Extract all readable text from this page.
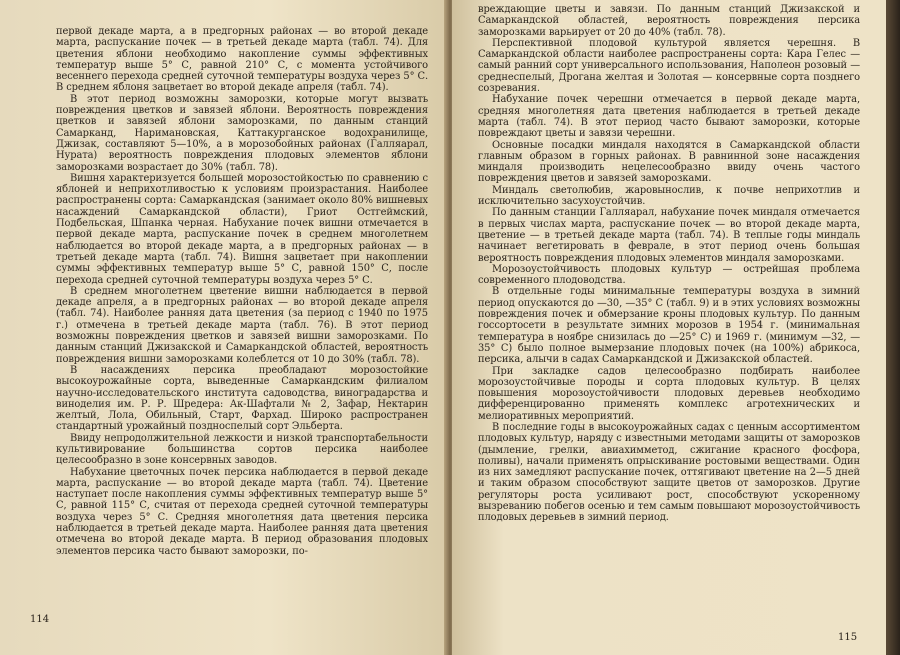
первой декаде марта, а в предгорных районах — во второй декаде марта, распускание почек — в третьей декаде марта (табл. 74). Для цветения яблони необходимо накопление суммы эффективных температур выше 5° С, равной 210° С, с момента устойчивого весеннего перехода средней суточной температуры воздуха через 5° С. В среднем яблоня зацветает во второй декаде апреля (табл. 74).

В этот период возможны заморозки, которые могут вызвать повреждения цветков и завязей яблони. Вероятность повреждения цветков и завязей яблони заморозками, по данным станций Самарканд, Наримановская, Каттакурганское водохранилище, Джизак, составляют 5—10%, а в морозобойных районах (Галляарал, Нурата) вероятность повреждения плодовых элементов яблони заморозками возрастает до 30% (табл. 78).

Вишня характеризуется большей морозостойкостью по сравнению с яблоней и неприхотливостью к условиям произрастания. Наиболее распространены сорта: Самаркандская (занимает около 80% вишневых насаждений Самаркандской области), Гриот Остгеймский, Подбельская, Шпанка черная. Набухание почек вишни отмечается в первой декаде марта, распускание почек в среднем многолетнем наблюдается во второй декаде марта, а в предгорных районах — в третьей декаде марта (табл. 74). Вишня зацветает при накоплении суммы эффективных температур выше 5° С, равной 150° С, после перехода средней суточной температуры воздуха через 5° С.

В среднем многолетнем цветение вишни наблюдается в первой декаде апреля, а в предгорных районах — во второй декаде апреля (табл. 74). Наиболее ранняя дата цветения (за период с 1940 по 1975 г.) отмечена в третьей декаде марта (табл. 76). В этот период возможны повреждения цветков и завязей вишни заморозками. По данным станций Джизакской и Самаркандской областей, вероятность повреждения вишни заморозками колеблется от 10 до 30% (табл. 78).

В насаждениях персика преобладают морозостойкие высокоурожайные сорта, выведенные Самаркандским филиалом научно-исследовательского института садоводства, виноградарства и виноделия им. Р. Р. Шредера: Ак-Шафтали № 2, Зафар, Нектарин желтый, Лола, Обильный, Старт, Фархад. Широко распространен стандартный урожайный поздноспелый сорт Эльберта.

Ввиду непродолжительной лежкости и низкой транспортабельности культивирование большинства сортов персика наиболее целесообразно в зоне консервных заводов.

Набухание цветочных почек персика наблюдается в первой декаде марта, распускание — во второй декаде марта (табл. 74). Цветение наступает после накопления суммы эффективных температур выше 5° С, равной 115° С, считая от перехода средней суточной температуры воздуха через 5° С. Средняя многолетняя дата цветения персика наблюдается в третьей декаде марта. Наиболее ранняя дата цветения отмечена во второй декаде марта. В период образования плодовых элементов персика часто бывают заморозки, по-

114

вреждающие цветы и завязи. По данным станций Джизакской и Самаркандской областей, вероятность повреждения персика заморозками варьирует от 20 до 40% (табл. 78).

Перспективной плодовой культурой является черешня. В Самаркандской области наиболее распространены сорта: Кара Гелес — самый ранний сорт универсального использования, Наполеон розовый — среднеспелый, Дрогана желтая и Золотая — консервные сорта позднего созревания.

Набухание почек черешни отмечается в первой декаде марта, средняя многолетняя дата цветения наблюдается в третьей декаде марта (табл. 74). В этот период часто бывают заморозки, которые повреждают цветы и завязи черешни.

Основные посадки миндаля находятся в Самаркандской области главным образом в горных районах. В равнинной зоне насаждения миндаля производить нецелесообразно ввиду очень частого повреждения цветов и завязей заморозками.

Миндаль светолюбив, жаровынослив, к почве неприхотлив и исключительно засухоустойчив.

По данным станции Галляарал, набухание почек миндаля отмечается в первых числах марта, распускание почек — во второй декаде марта, цветение — в третьей декаде марта (табл. 74). В теплые годы миндаль начинает вегетировать в феврале, в этот период очень большая вероятность повреждения плодовых элементов миндаля заморозками.

Морозоустойчивость плодовых культур — острейшая проблема современного плодоводства.

В отдельные годы минимальные температуры воздуха в зимний период опускаются до —30, —35° С (табл. 9) и в этих условиях возможны повреждения почек и обмерзание кроны плодовых культур. По данным госсортосети в результате зимних морозов в 1954 г. (минимальная температура в ноябре снизилась до —25° С) и 1969 г. (минимум —32, —35° С) было полное вымерзание плодовых почек (на 100%) абрикоса, персика, алычи в садах Самаркандской и Джизакской областей.

При закладке садов целесообразно подбирать наиболее морозоустойчивые породы и сорта плодовых культур. В целях повышения морозоустойчивости плодовых деревьев необходимо дифференцированно применять комплекс агротехнических и мелиоративных мероприятий.

В последние годы в высокоурожайных садах с ценным ассортиментом плодовых культур, наряду с известными методами защиты от заморозков (дымление, грелки, авиахимметод, сжигание красного фосфора, поливы), начали применять опрыскивание ростовыми веществами. Один из них замедляют распускание почек, оттягивают цветение на 2—5 дней и таким образом способствуют защите цветов от заморозков. Другие регуляторы роста усиливают рост, способствуют ускоренному вызреванию побегов осенью и тем самым повышают морозоустойчивость плодовых деревьев в зимний период.

115
